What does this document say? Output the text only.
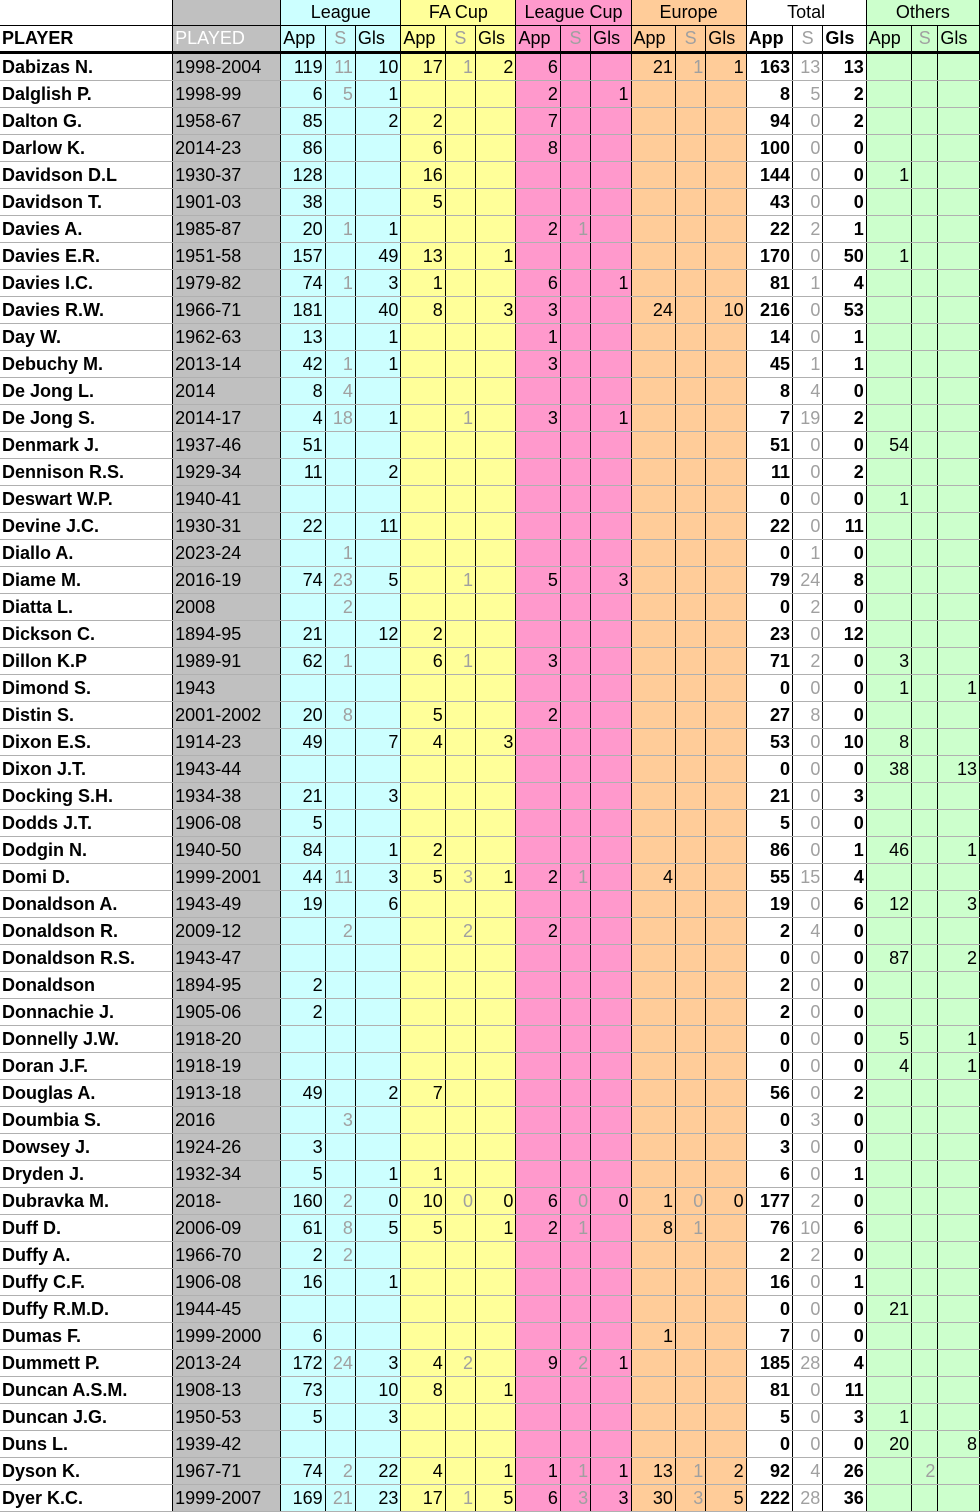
		League			FA Cup			League Cup			Europe			Total			Others		
PLAYER	PLAYED	App	S	Gls	App	S	Gls	App	S	Gls	App	S	Gls	App	S	Gls	App	S	Gls
Dabizas N.	1998-2004	119	11	10	17	1	2	6			21	1	1	163	13	13			
Dalglish P.	1998-99	6	5	1				2		1				8	5	2			
Dalton G.	1958-67	85		2	2			7						94	0	2			
Darlow K.	2014-23	86			6			8						100	0	0			
Davidson D.L	1930-37	128			16									144	0	0	1		
Davidson T.	1901-03	38			5									43	0	0			
Davies A.	1985-87	20	1	1				2	1					22	2	1			
Davies E.R.	1951-58	157		49	13		1							170	0	50	1		
Davies I.C.	1979-82	74	1	3	1			6		1				81	1	4			
Davies R.W.	1966-71	181		40	8		3	3			24		10	216	0	53			
Day W.	1962-63	13		1				1						14	0	1			
Debuchy M.	2013-14	42	1	1				3						45	1	1			
De Jong L.	2014	8	4											8	4	0			
De Jong S.	2014-17	4	18	1		1		3		1				7	19	2			
Denmark J.	1937-46	51												51	0	0	54		
Dennison R.S.	1929-34	11		2										11	0	2			
Deswart W.P.	1940-41													0	0	0	1		
Devine J.C.	1930-31	22		11										22	0	11			
Diallo A.	2023-24		1											0	1	0			
Diame M.	2016-19	74	23	5		1		5		3				79	24	8			
Diatta L.	2008		2											0	2	0			
Dickson C.	1894-95	21		12	2									23	0	12			
Dillon K.P	1989-91	62	1		6	1		3						71	2	0	3		
Dimond S.	1943													0	0	0	1		1
Distin S.	2001-2002	20	8		5			2						27	8	0			
Dixon E.S.	1914-23	49		7	4		3							53	0	10	8		
Dixon J.T.	1943-44													0	0	0	38		13
Docking S.H.	1934-38	21		3										21	0	3			
Dodds J.T.	1906-08	5												5	0	0			
Dodgin N.	1940-50	84		1	2									86	0	1	46		1
Domi D.	1999-2001	44	11	3	5	3	1	2	1		4			55	15	4			
Donaldson A.	1943-49	19		6										19	0	6	12		3
Donaldson R.	2009-12		2			2		2						2	4	0			
Donaldson R.S.	1943-47													0	0	0	87		2
Donaldson	1894-95	2												2	0	0			
Donnachie J.	1905-06	2												2	0	0			
Donnelly J.W.	1918-20													0	0	0	5		1
Doran J.F.	1918-19													0	0	0	4		1
Douglas A.	1913-18	49		2	7									56	0	2			
Doumbia S.	2016		3											0	3	0			
Dowsey J.	1924-26	3												3	0	0			
Dryden J.	1932-34	5		1	1									6	0	1			
Dubravka M.	2018-	160	2	0	10	0	0	6	0	0	1	0	0	177	2	0			
Duff D.	2006-09	61	8	5	5		1	2	1		8	1		76	10	6			
Duffy A.	1966-70	2	2											2	2	0			
Duffy C.F.	1906-08	16		1										16	0	1			
Duffy R.M.D.	1944-45													0	0	0	21		
Dumas F.	1999-2000	6									1			7	0	0			
Dummett P.	2013-24	172	24	3	4	2		9	2	1				185	28	4			
Duncan A.S.M.	1908-13	73		10	8		1							81	0	11			
Duncan J.G.	1950-53	5		3										5	0	3	1		
Duns L.	1939-42													0	0	0	20		8
Dyson K.	1967-71	74	2	22	4		1	1	1	1	13	1	2	92	4	26		2	
Dyer K.C.	1999-2007	169	21	23	17	1	5	6	3	3	30	3	5	222	28	36			
